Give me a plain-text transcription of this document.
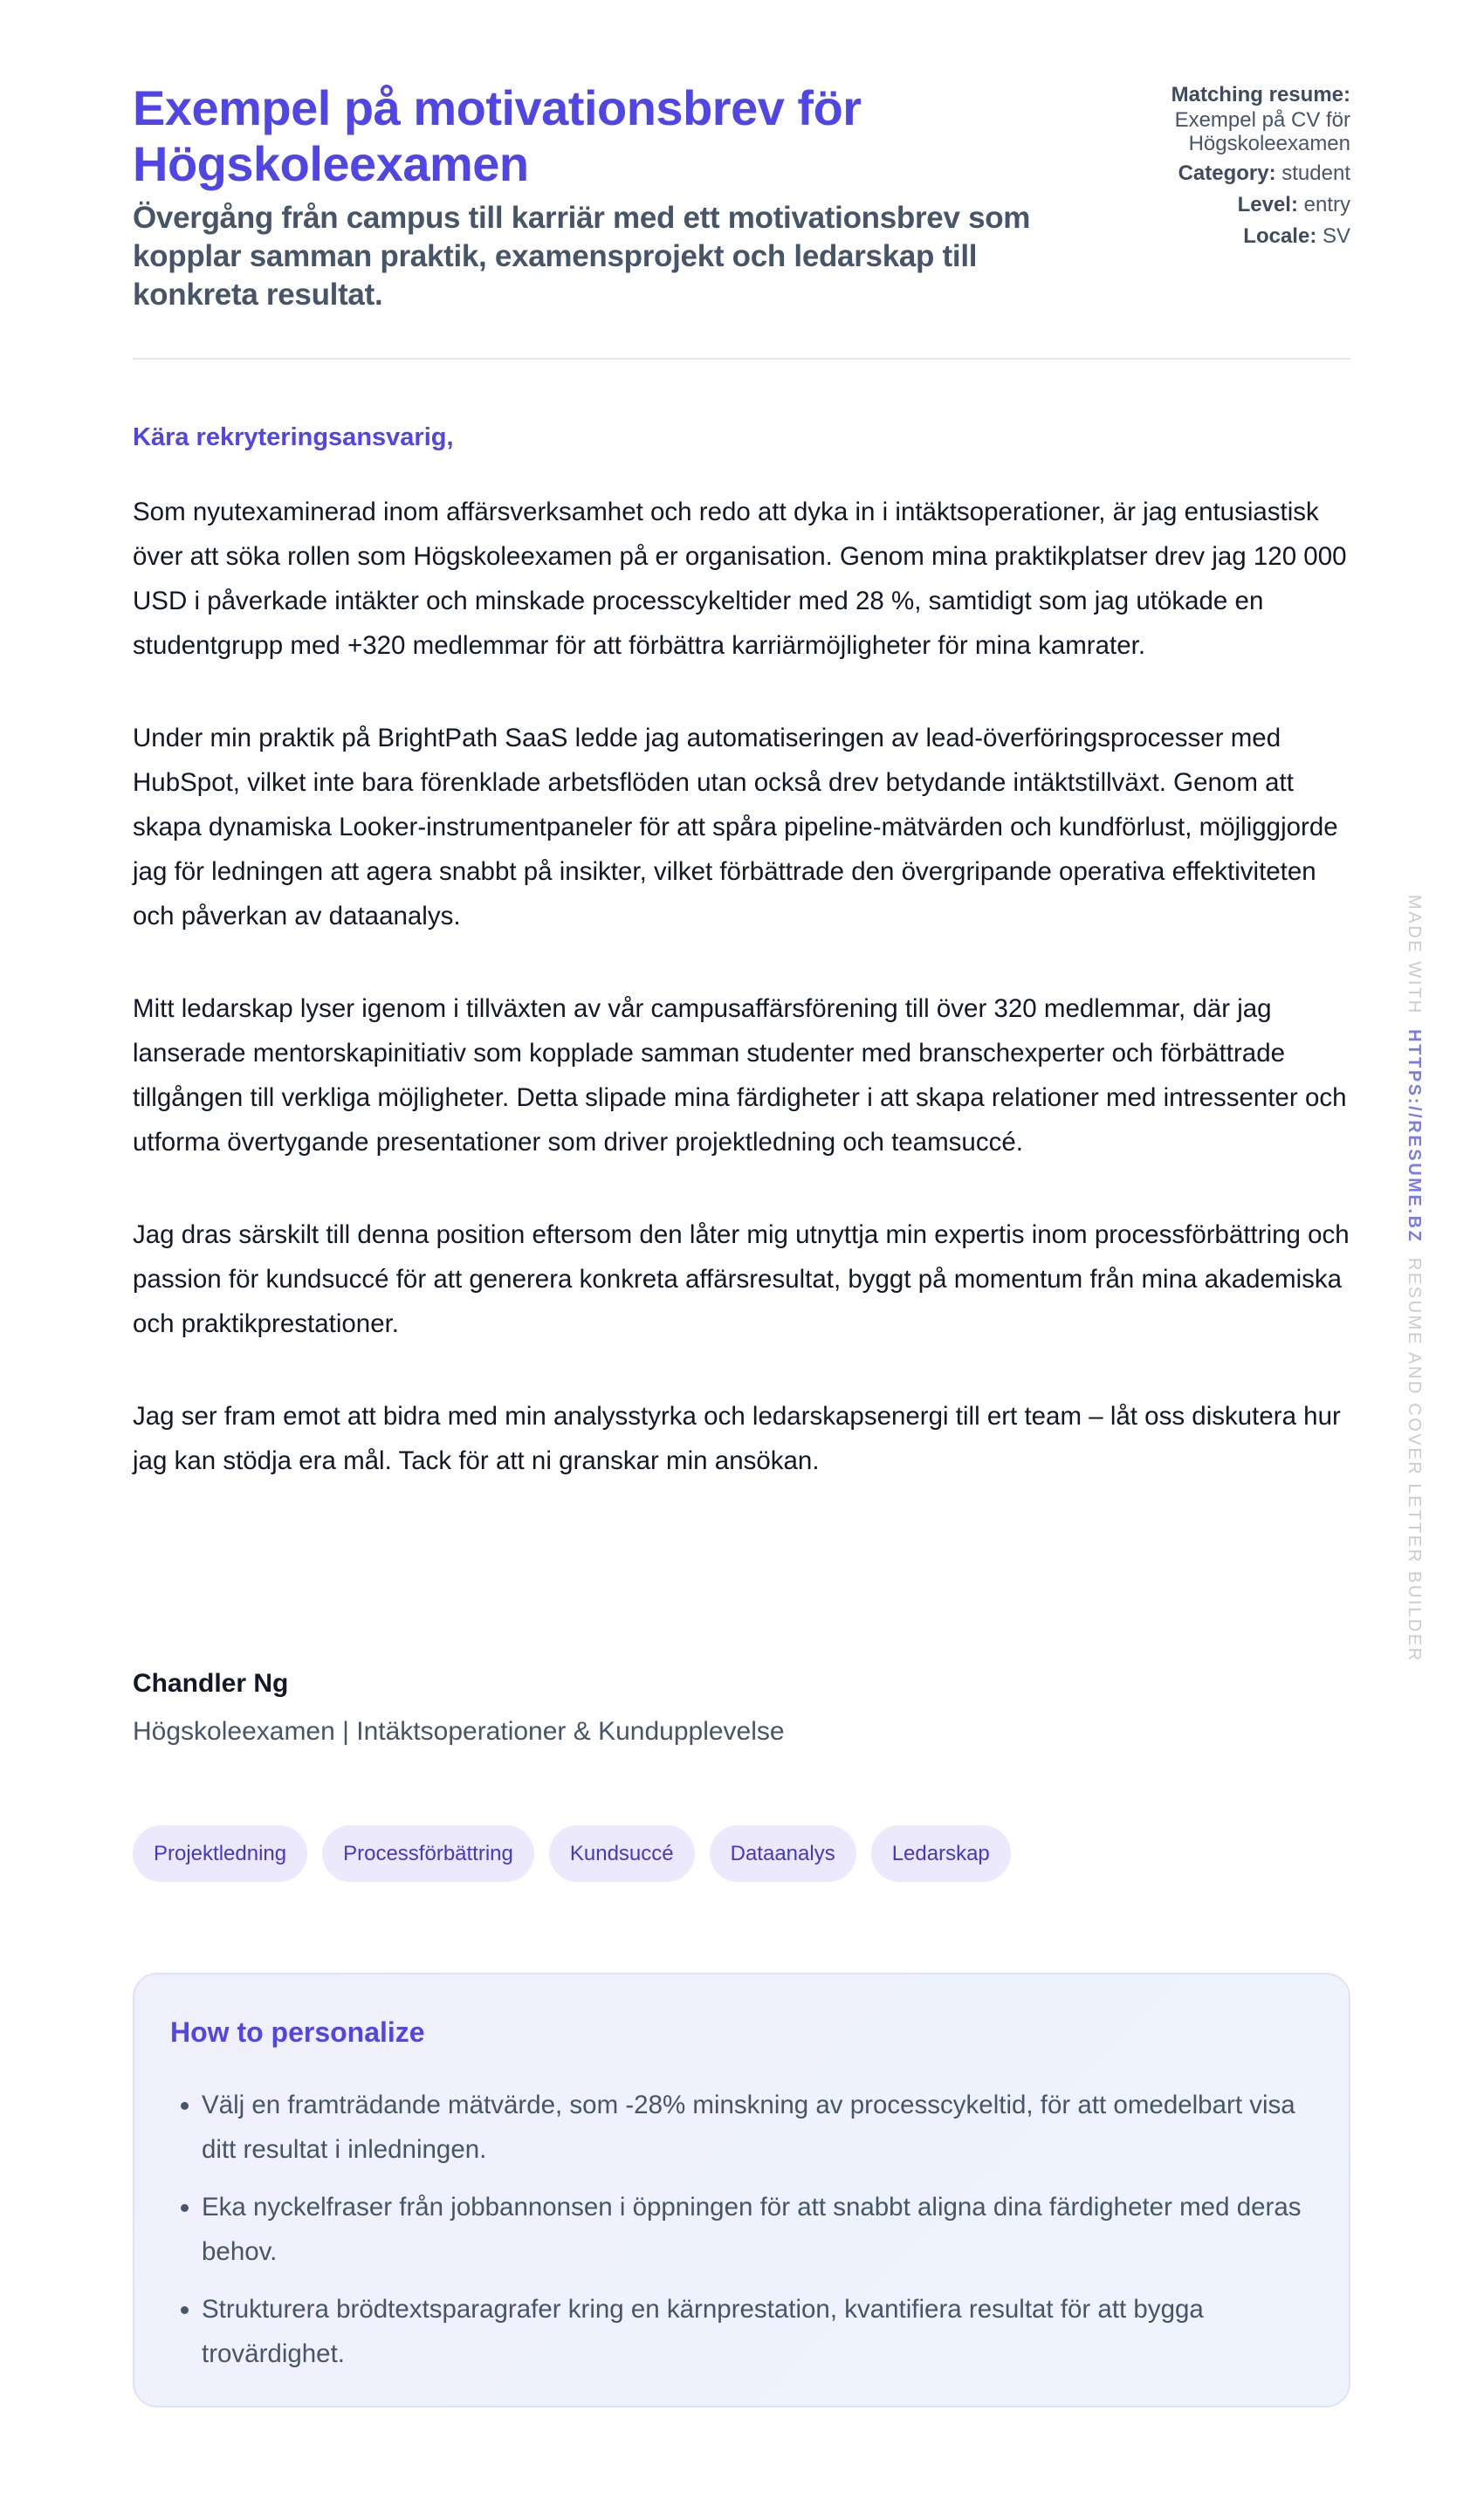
Exempel på motivationsbrev för Högskoleexamen
Övergång från campus till karriär med ett motivationsbrev som kopplar samman praktik, examensprojekt och ledarskap till konkreta resultat.
Matching resume:
Exempel på CV för Högskoleexamen
Category: student
Level: entry
Locale: SV

Kära rekryteringsansvarig,

Som nyutexaminerad inom affärsverksamhet och redo att dyka in i intäktsoperationer, är jag entusiastisk över att söka rollen som Högskoleexamen på er organisation. Genom mina praktikplatser drev jag 120 000 USD i påverkade intäkter och minskade processcykeltider med 28 %, samtidigt som jag utökade en studentgrupp med +320 medlemmar för att förbättra karriärmöjligheter för mina kamrater.

Under min praktik på BrightPath SaaS ledde jag automatiseringen av lead-överföringsprocesser med HubSpot, vilket inte bara förenklade arbetsflöden utan också drev betydande intäktstillväxt. Genom att skapa dynamiska Looker-instrumentpaneler för att spåra pipeline-mätvärden och kundförlust, möjliggjorde jag för ledningen att agera snabbt på insikter, vilket förbättrade den övergripande operativa effektiviteten och påverkan av dataanalys.

Mitt ledarskap lyser igenom i tillväxten av vår campusaffärsförening till över 320 medlemmar, där jag lanserade mentorskapinitiativ som kopplade samman studenter med branschexperter och förbättrade tillgången till verkliga möjligheter. Detta slipade mina färdigheter i att skapa relationer med intressenter och utforma övertygande presentationer som driver projektledning och teamsuccé.

Jag dras särskilt till denna position eftersom den låter mig utnyttja min expertis inom processförbättring och passion för kundsuccé för att generera konkreta affärsresultat, byggt på momentum från mina akademiska och praktikprestationer.

Jag ser fram emot att bidra med min analysstyrka och ledarskapsenergi till ert team – låt oss diskutera hur jag kan stödja era mål. Tack för att ni granskar min ansökan.

Chandler Ng

Högskoleexamen | Intäktsoperationer & Kundupplevelse

Projektledning	Processförbättring	Kundsuccé	Dataanalys	Ledarskap
How to personalize
Välj en framträdande mätvärde, som -28% minskning av processcykeltid, för att omedelbart visa ditt resultat i inledningen.
Eka nyckelfraser från jobbannonsen i öppningen för att snabbt aligna dina färdigheter med deras behov.
Strukturera brödtextsparagrafer kring en kärnprestation, kvantifiera resultat för att bygga trovärdighet.
MADE WITH  HTTPS://RESUME.BZ  RESUME AND COVER LETTER BUILDER
